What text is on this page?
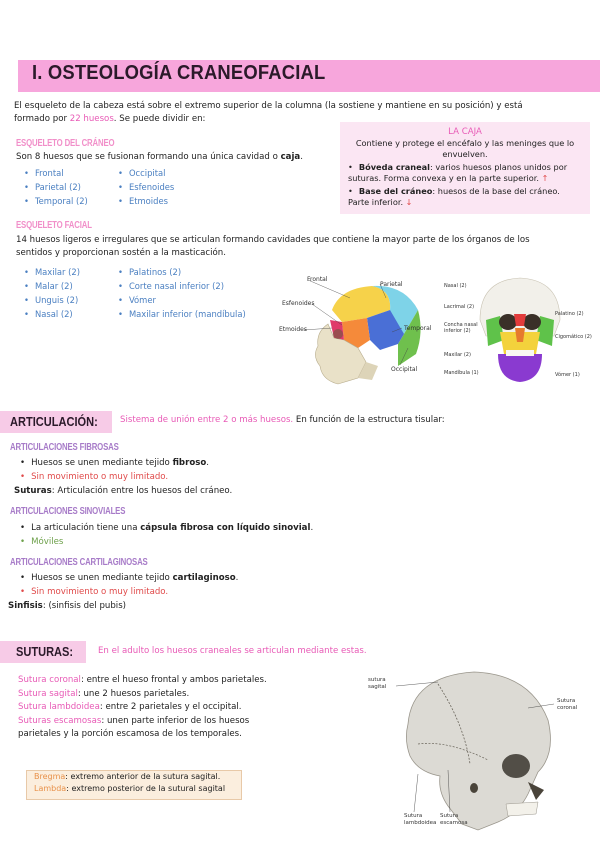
I. OSTEOLOGÍA CRANEOFACIAL
El esqueleto de la cabeza está sobre el extremo superior de la columna (la sostiene y mantiene en su posición) y está
formado por 22 huesos. Se puede dividir en:
ESQUELETO DEL CRÁNEO
Son 8 huesos que se fusionan formando una única cavidad o caja.
• Frontal
• Parietal (2)
• Temporal (2)
• Occipital
• Esfenoides
• Etmoides
LA CAJA
Contiene y protege el encéfalo y las meninges que lo envuelven.
• Bóveda craneal: varios huesos planos unidos por suturas. Forma convexa y en la parte superior. ↑
• Base del cráneo: huesos de la base del cráneo. Parte inferior. ↓
ESQUELETO FACIAL
14 huesos ligeros e irregulares que se articulan formando cavidades que contiene la mayor parte de los órganos de los
sentidos y proporcionan sostén a la masticación.
• Maxilar (2)
• Malar (2)
• Unguis (2)
• Nasal (2)
• Palatinos (2)
• Corte nasal inferior (2)
• Vómer
• Maxilar inferior (mandíbula)
Frontal
Parietal
Esfenoides
Etmoides	Temporal
Occipital
Nasal (2)
Lacrimal (2)
Concha nasal inferior (2)
Maxilar (2)
Mandíbula (1)
Palatino (2)
Cigomático (2)
Vómer (1)
ARTICULACIÓN:	Sistema de unión entre 2 o más huesos. En función de la estructura tisular:
ARTICULACIONES FIBROSAS
• Huesos se unen mediante tejido fibroso.
• Sin movimiento o muy limitado.
Suturas: Articulación entre los huesos del cráneo.
ARTICULACIONES SINOVIALES
• La articulación tiene una cápsula fibrosa con líquido sinovial.
• Móviles
ARTICULACIONES CARTILAGINOSAS
• Huesos se unen mediante tejido cartilaginoso.
• Sin movimiento o muy limitado.
Sinfisis: (sinfisis del pubis)
SUTURAS:	En el adulto los huesos craneales se articulan mediante estas.
Sutura coronal: entre el hueso frontal y ambos parietales.
Sutura sagital: une 2 huesos parietales.
Sutura lambdoidea: entre 2 parietales y el occipital.
Suturas escamosas: unen parte inferior de los huesos
parietales y la porción escamosa de los temporales.
Bregma: extremo anterior de la sutura sagital.
Lambda: extremo posterior de la sutural sagital
sutura sagital
Sutura coronal
Sutura lambdoidea
Sutura escamosa
